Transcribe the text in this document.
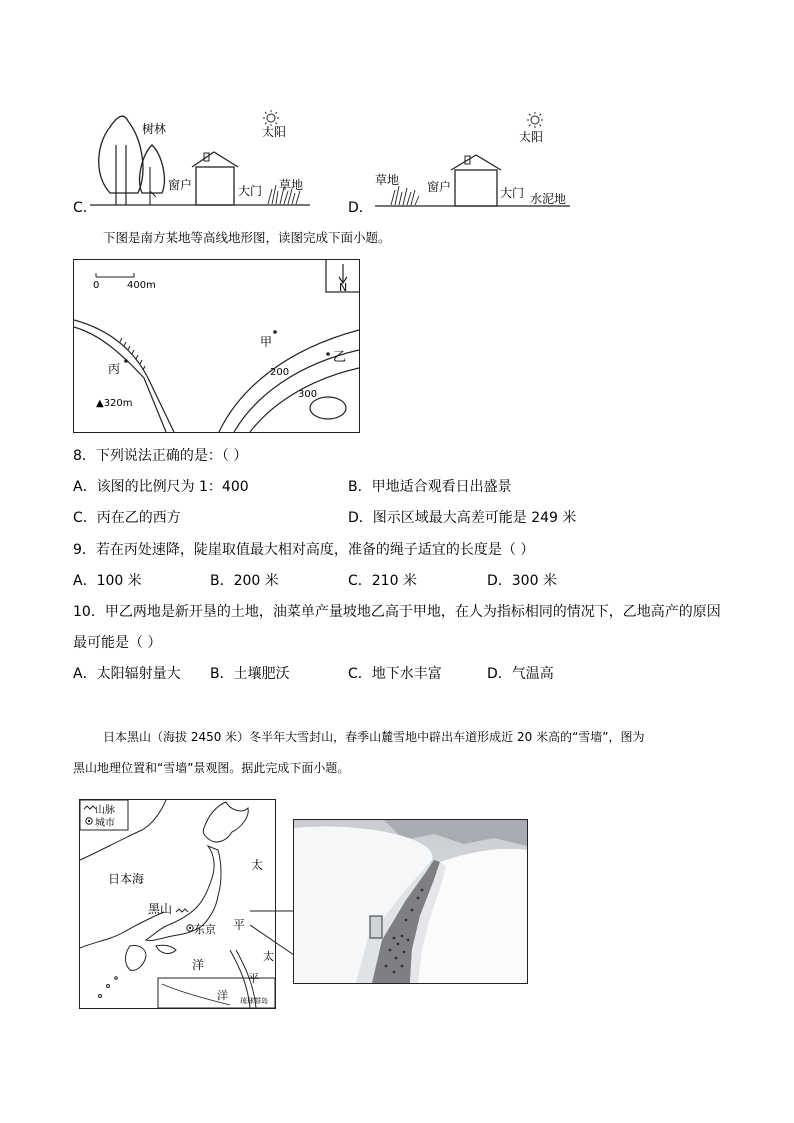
C．
树林	太阳
窗户	大门 草地
D．
太阳
草地 窗户	大门 水泥地
下图是南方某地等高线地形图，读图完成下面小题。
0	400m	N
甲
乙
丙
▲320m
200
300
8．下列说法正确的是：（ ）
A．该图的比例尺为 1：400	B．甲地适合观看日出盛景
C．丙在乙的西方	D．图示区域最大高差可能是 249 米
9．若在丙处速降，陡崖取值最大相对高度，准备的绳子适宜的长度是（ ）
A．100 米	B．200 米	C．210 米	D．300 米
10．甲乙两地是新开垦的土地，油菜单产量坡地乙高于甲地，在人为指标相同的情况下，乙地高产的原因
最可能是（ ）
A．太阳辐射量大 B．土壤肥沃	C．地下水丰富	D．气温高
日本黑山（海拔 2450 米）冬半年大雪封山，春季山麓雪地中辟出车道形成近 20 米高的“雪墙”，图为
黑山地理位置和“雪墙”景观图。据此完成下面小题。
山脉
城市
日本海
太
平
洋
黑山
东京
太
平
洋 琉球群岛
